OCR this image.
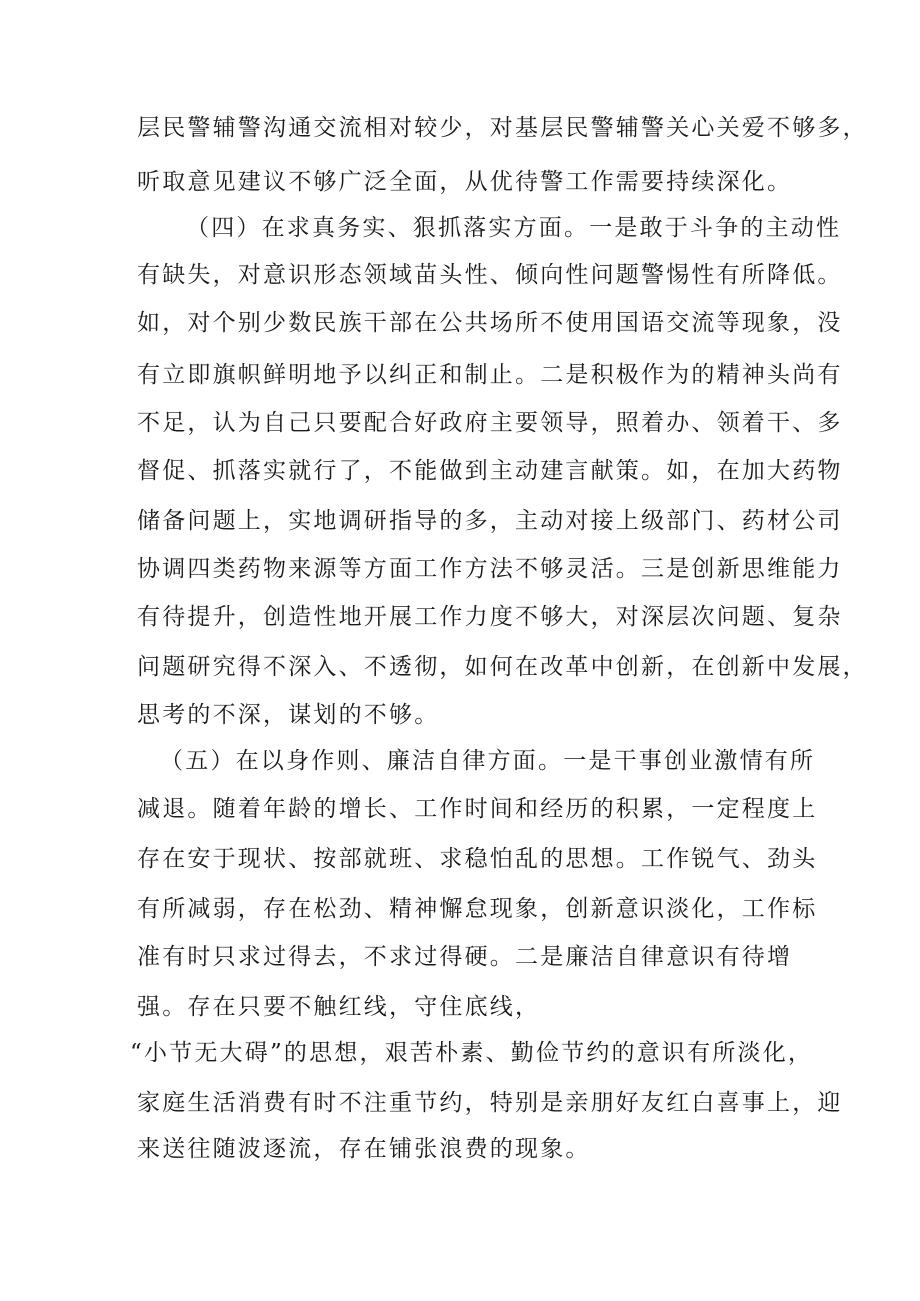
层民警辅警沟通交流相对较少，对基层民警辅警关心关爱不够多，
听取意见建议不够广泛全面，从优待警工作需要持续深化。
（四）在求真务实、狠抓落实方面。一是敢于斗争的主动性
有缺失，对意识形态领域苗头性、倾向性问题警惕性有所降低。
如，对个别少数民族干部在公共场所不使用国语交流等现象，没
有立即旗帜鲜明地予以纠正和制止。二是积极作为的精神头尚有
不足，认为自己只要配合好政府主要领导，照着办、领着干、多
督促、抓落实就行了，不能做到主动建言献策。如，在加大药物
储备问题上，实地调研指导的多，主动对接上级部门、药材公司
协调四类药物来源等方面工作方法不够灵活。三是创新思维能力
有待提升，创造性地开展工作力度不够大，对深层次问题、复杂
问题研究得不深入、不透彻，如何在改革中创新，在创新中发展，
思考的不深，谋划的不够。
（五）在以身作则、廉洁自律方面。一是干事创业激情有所
减退。随着年龄的增长、工作时间和经历的积累，一定程度上
存在安于现状、按部就班、求稳怕乱的思想。工作锐气、劲头
有所减弱，存在松劲、精神懈怠现象，创新意识淡化，工作标
准有时只求过得去，不求过得硬。二是廉洁自律意识有待增
强。存在只要不触红线，守住底线，
“小节无大碍”的思想，艰苦朴素、勤俭节约的意识有所淡化，
家庭生活消费有时不注重节约，特别是亲朋好友红白喜事上，迎
来送往随波逐流，存在铺张浪费的现象。
